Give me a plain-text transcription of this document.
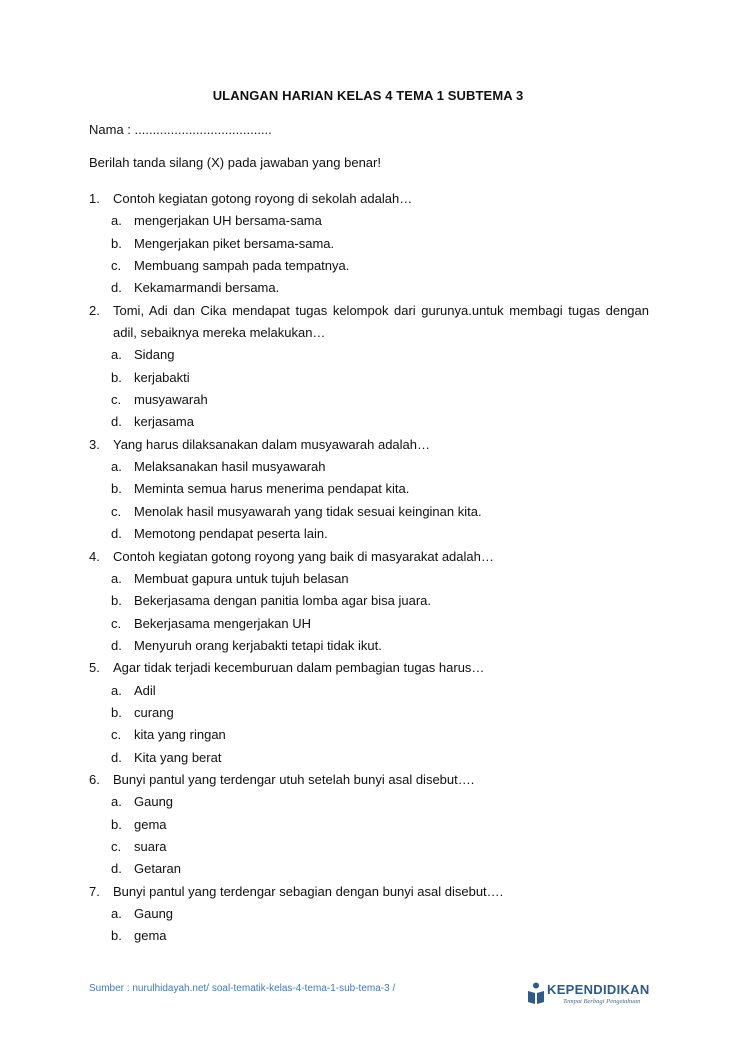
ULANGAN HARIAN KELAS 4 TEMA 1 SUBTEMA 3
Nama : ......................................
Berilah tanda silang (X) pada jawaban yang benar!
1. Contoh kegiatan gotong royong di sekolah adalah…
a. mengerjakan UH bersama-sama
b. Mengerjakan piket bersama-sama.
c. Membuang sampah pada tempatnya.
d. Kekamarmandi bersama.
2. Tomi, Adi dan Cika mendapat tugas kelompok dari gurunya.untuk membagi tugas dengan adil, sebaiknya mereka melakukan…
a. Sidang
b. kerjabakti
c. musyawarah
d. kerjasama
3. Yang harus dilaksanakan dalam musyawarah adalah…
a. Melaksanakan hasil musyawarah
b. Meminta semua harus menerima pendapat kita.
c. Menolak hasil musyawarah yang tidak sesuai keinginan kita.
d. Memotong pendapat peserta lain.
4. Contoh kegiatan gotong royong yang baik di masyarakat adalah…
a. Membuat gapura untuk tujuh belasan
b. Bekerjasama dengan panitia lomba agar bisa juara.
c. Bekerjasama mengerjakan UH
d. Menyuruh orang kerjabakti tetapi tidak ikut.
5. Agar tidak terjadi kecemburuan dalam pembagian tugas harus…
a. Adil
b. curang
c. kita yang ringan
d. Kita yang berat
6. Bunyi pantul yang terdengar utuh setelah bunyi asal disebut….
a. Gaung
b. gema
c. suara
d. Getaran
7. Bunyi pantul yang terdengar sebagian dengan bunyi asal disebut….
a. Gaung
b. gema
Sumber : nurulhidayah.net/ soal-tematik-kelas-4-tema-1-sub-tema-3 /	KEPENDIDIKAN
Tempat Berbagi Pengetahuan
